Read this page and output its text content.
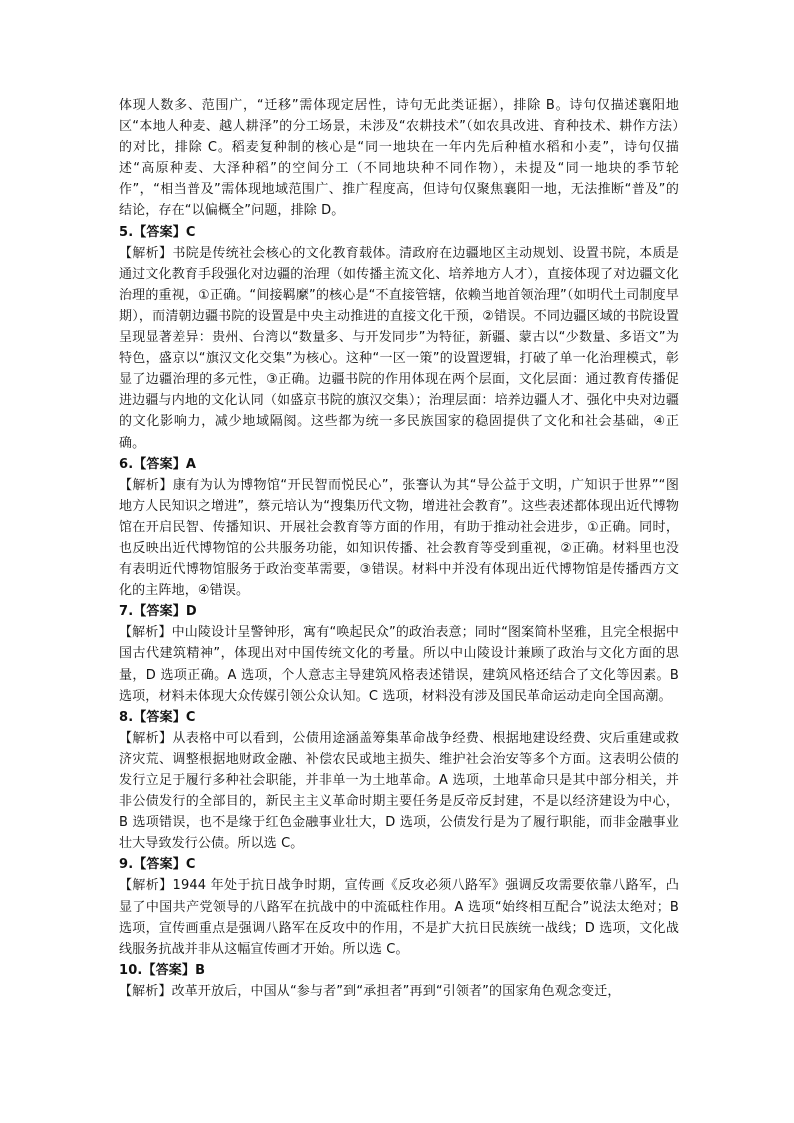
体现人数多、范围广，“迁移”需体现定居性，诗句无此类证据），排除 B。诗句仅描述襄阳地区“本地人种麦、越人耕泽”的分工场景，未涉及“农耕技术”（如农具改进、育种技术、耕作方法）的对比，排除 C。稻麦复种制的核心是“同一地块在一年内先后种植水稻和小麦”，诗句仅描述“高原种麦、大泽种稻”的空间分工（不同地块种不同作物），未提及“同一地块的季节轮作”，“相当普及”需体现地域范围广、推广程度高，但诗句仅聚焦襄阳一地，无法推断“普及”的结论，存在“以偏概全”问题，排除 D。

5.【答案】C

【解析】书院是传统社会核心的文化教育载体。清政府在边疆地区主动规划、设置书院，本质是通过文化教育手段强化对边疆的治理（如传播主流文化、培养地方人才），直接体现了对边疆文化治理的重视，①正确。“间接羁縻”的核心是“不直接管辖，依赖当地首领治理”（如明代土司制度早期），而清朝边疆书院的设置是中央主动推进的直接文化干预，②错误。不同边疆区域的书院设置呈现显著差异：贵州、台湾以“数量多、与开发同步”为特征，新疆、蒙古以“少数量、多语文”为特色，盛京以“旗汉文化交集”为核心。这种“一区一策”的设置逻辑，打破了单一化治理模式，彰显了边疆治理的多元性，③正确。边疆书院的作用体现在两个层面，文化层面：通过教育传播促进边疆与内地的文化认同（如盛京书院的旗汉交集）；治理层面：培养边疆人才、强化中央对边疆的文化影响力，减少地域隔阂。这些都为统一多民族国家的稳固提供了文化和社会基础，④正确。

6.【答案】A

【解析】康有为认为博物馆“开民智而悦民心”，张謇认为其“导公益于文明，广知识于世界”“图地方人民知识之增进”，蔡元培认为“搜集历代文物，增进社会教育”。这些表述都体现出近代博物馆在开启民智、传播知识、开展社会教育等方面的作用，有助于推动社会进步，①正确。同时，也反映出近代博物馆的公共服务功能，如知识传播、社会教育等受到重视，②正确。材料里也没有表明近代博物馆服务于政治变革需要，③错误。材料中并没有体现出近代博物馆是传播西方文化的主阵地，④错误。

7.【答案】D

【解析】中山陵设计呈警钟形，寓有“唤起民众”的政治表意；同时“图案简朴坚雅，且完全根据中国古代建筑精神”，体现出对中国传统文化的考量。所以中山陵设计兼顾了政治与文化方面的思量，D 选项正确。A 选项，个人意志主导建筑风格表述错误，建筑风格还结合了文化等因素。B 选项，材料未体现大众传媒引领公众认知。C 选项，材料没有涉及国民革命运动走向全国高潮。

8.【答案】C

【解析】从表格中可以看到，公债用途涵盖筹集革命战争经费、根据地建设经费、灾后重建或救济灾荒、调整根据地财政金融、补偿农民或地主损失、维护社会治安等多个方面。这表明公债的发行立足于履行多种社会职能，并非单一为土地革命。A 选项，土地革命只是其中部分相关，并非公债发行的全部目的，新民主主义革命时期主要任务是反帝反封建，不是以经济建设为中心，B 选项错误，也不是缘于红色金融事业壮大，D 选项，公债发行是为了履行职能，而非金融事业壮大导致发行公债。所以选 C。

9.【答案】C

【解析】1944 年处于抗日战争时期，宣传画《反攻必须八路军》强调反攻需要依靠八路军，凸显了中国共产党领导的八路军在抗战中的中流砥柱作用。A 选项“始终相互配合”说法太绝对；B 选项，宣传画重点是强调八路军在反攻中的作用，不是扩大抗日民族统一战线；D 选项，文化战线服务抗战并非从这幅宣传画才开始。所以选 C。

10.【答案】B

【解析】改革开放后，中国从“参与者”到“承担者”再到“引领者”的国家角色观念变迁，
